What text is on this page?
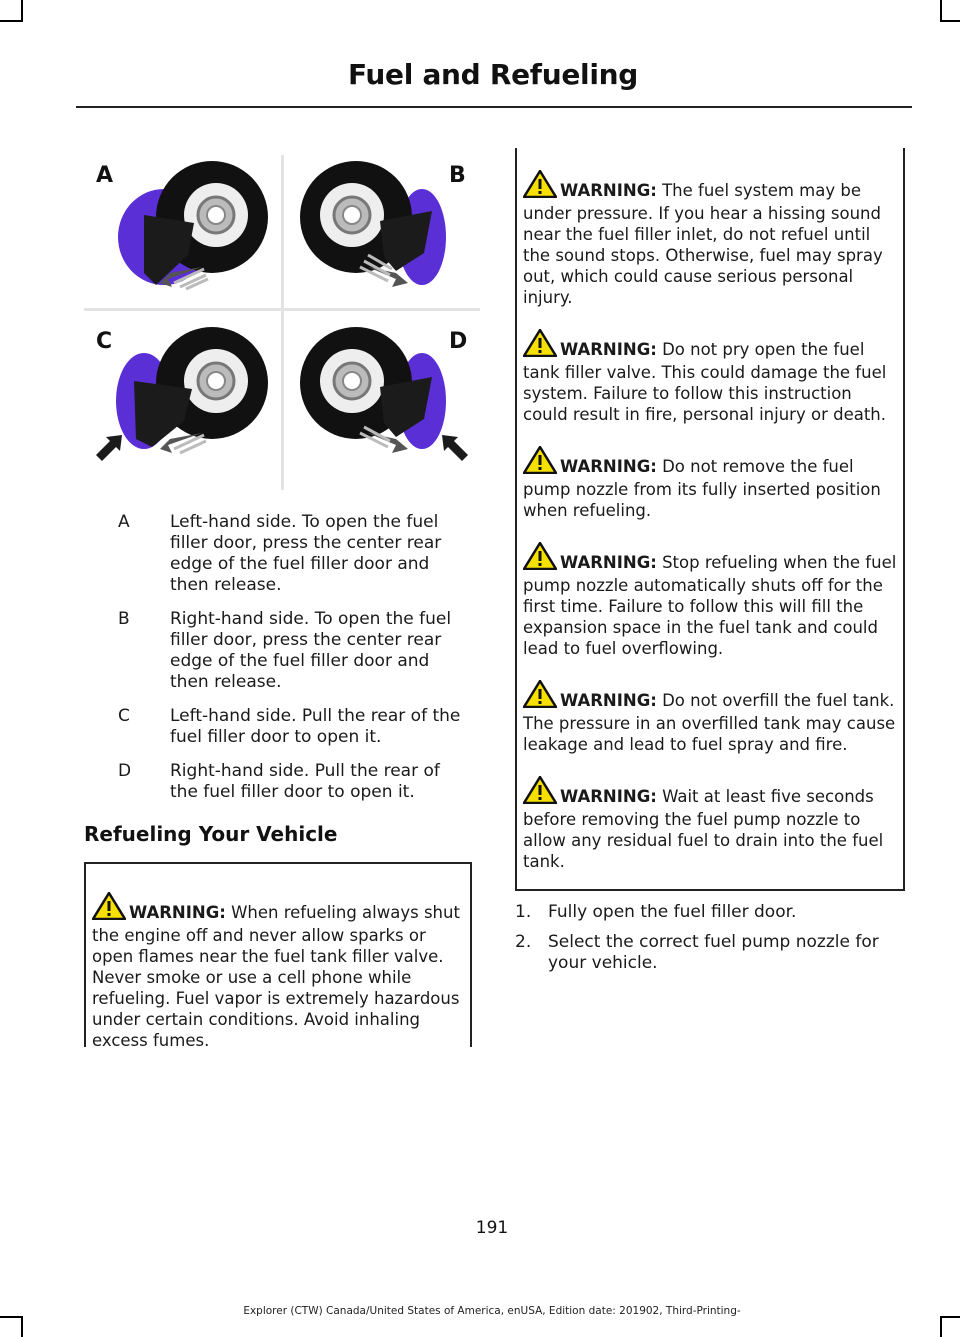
Fuel and Refueling
A	B
C	D
A Left-hand side. To open the fuel filler door, press the center rear edge of the fuel filler door and then release.
B Right-hand side. To open the fuel filler door, press the center rear edge of the fuel filler door and then release.
C Left-hand side. Pull the rear of the fuel filler door to open it.
D Right-hand side. Pull the rear of the fuel filler door to open it.
Refueling Your Vehicle
WARNING: When refueling always shut the engine off and never allow sparks or open flames near the fuel tank filler valve. Never smoke or use a cell phone while refueling. Fuel vapor is extremely hazardous under certain conditions. Avoid inhaling excess fumes.
WARNING: The fuel system may be under pressure. If you hear a hissing sound near the fuel filler inlet, do not refuel until the sound stops. Otherwise, fuel may spray out, which could cause serious personal injury.
WARNING: Do not pry open the fuel tank filler valve. This could damage the fuel system. Failure to follow this instruction could result in fire, personal injury or death.
WARNING: Do not remove the fuel pump nozzle from its fully inserted position when refueling.
WARNING: Stop refueling when the fuel pump nozzle automatically shuts off for the first time. Failure to follow this will fill the expansion space in the fuel tank and could lead to fuel overflowing.
WARNING: Do not overfill the fuel tank. The pressure in an overfilled tank may cause leakage and lead to fuel spray and fire.
WARNING: Wait at least five seconds before removing the fuel pump nozzle to allow any residual fuel to drain into the fuel tank.
1. Fully open the fuel filler door.
2. Select the correct fuel pump nozzle for your vehicle.
191
Explorer (CTW) Canada/United States of America, enUSA, Edition date: 201902, Third-Printing-
